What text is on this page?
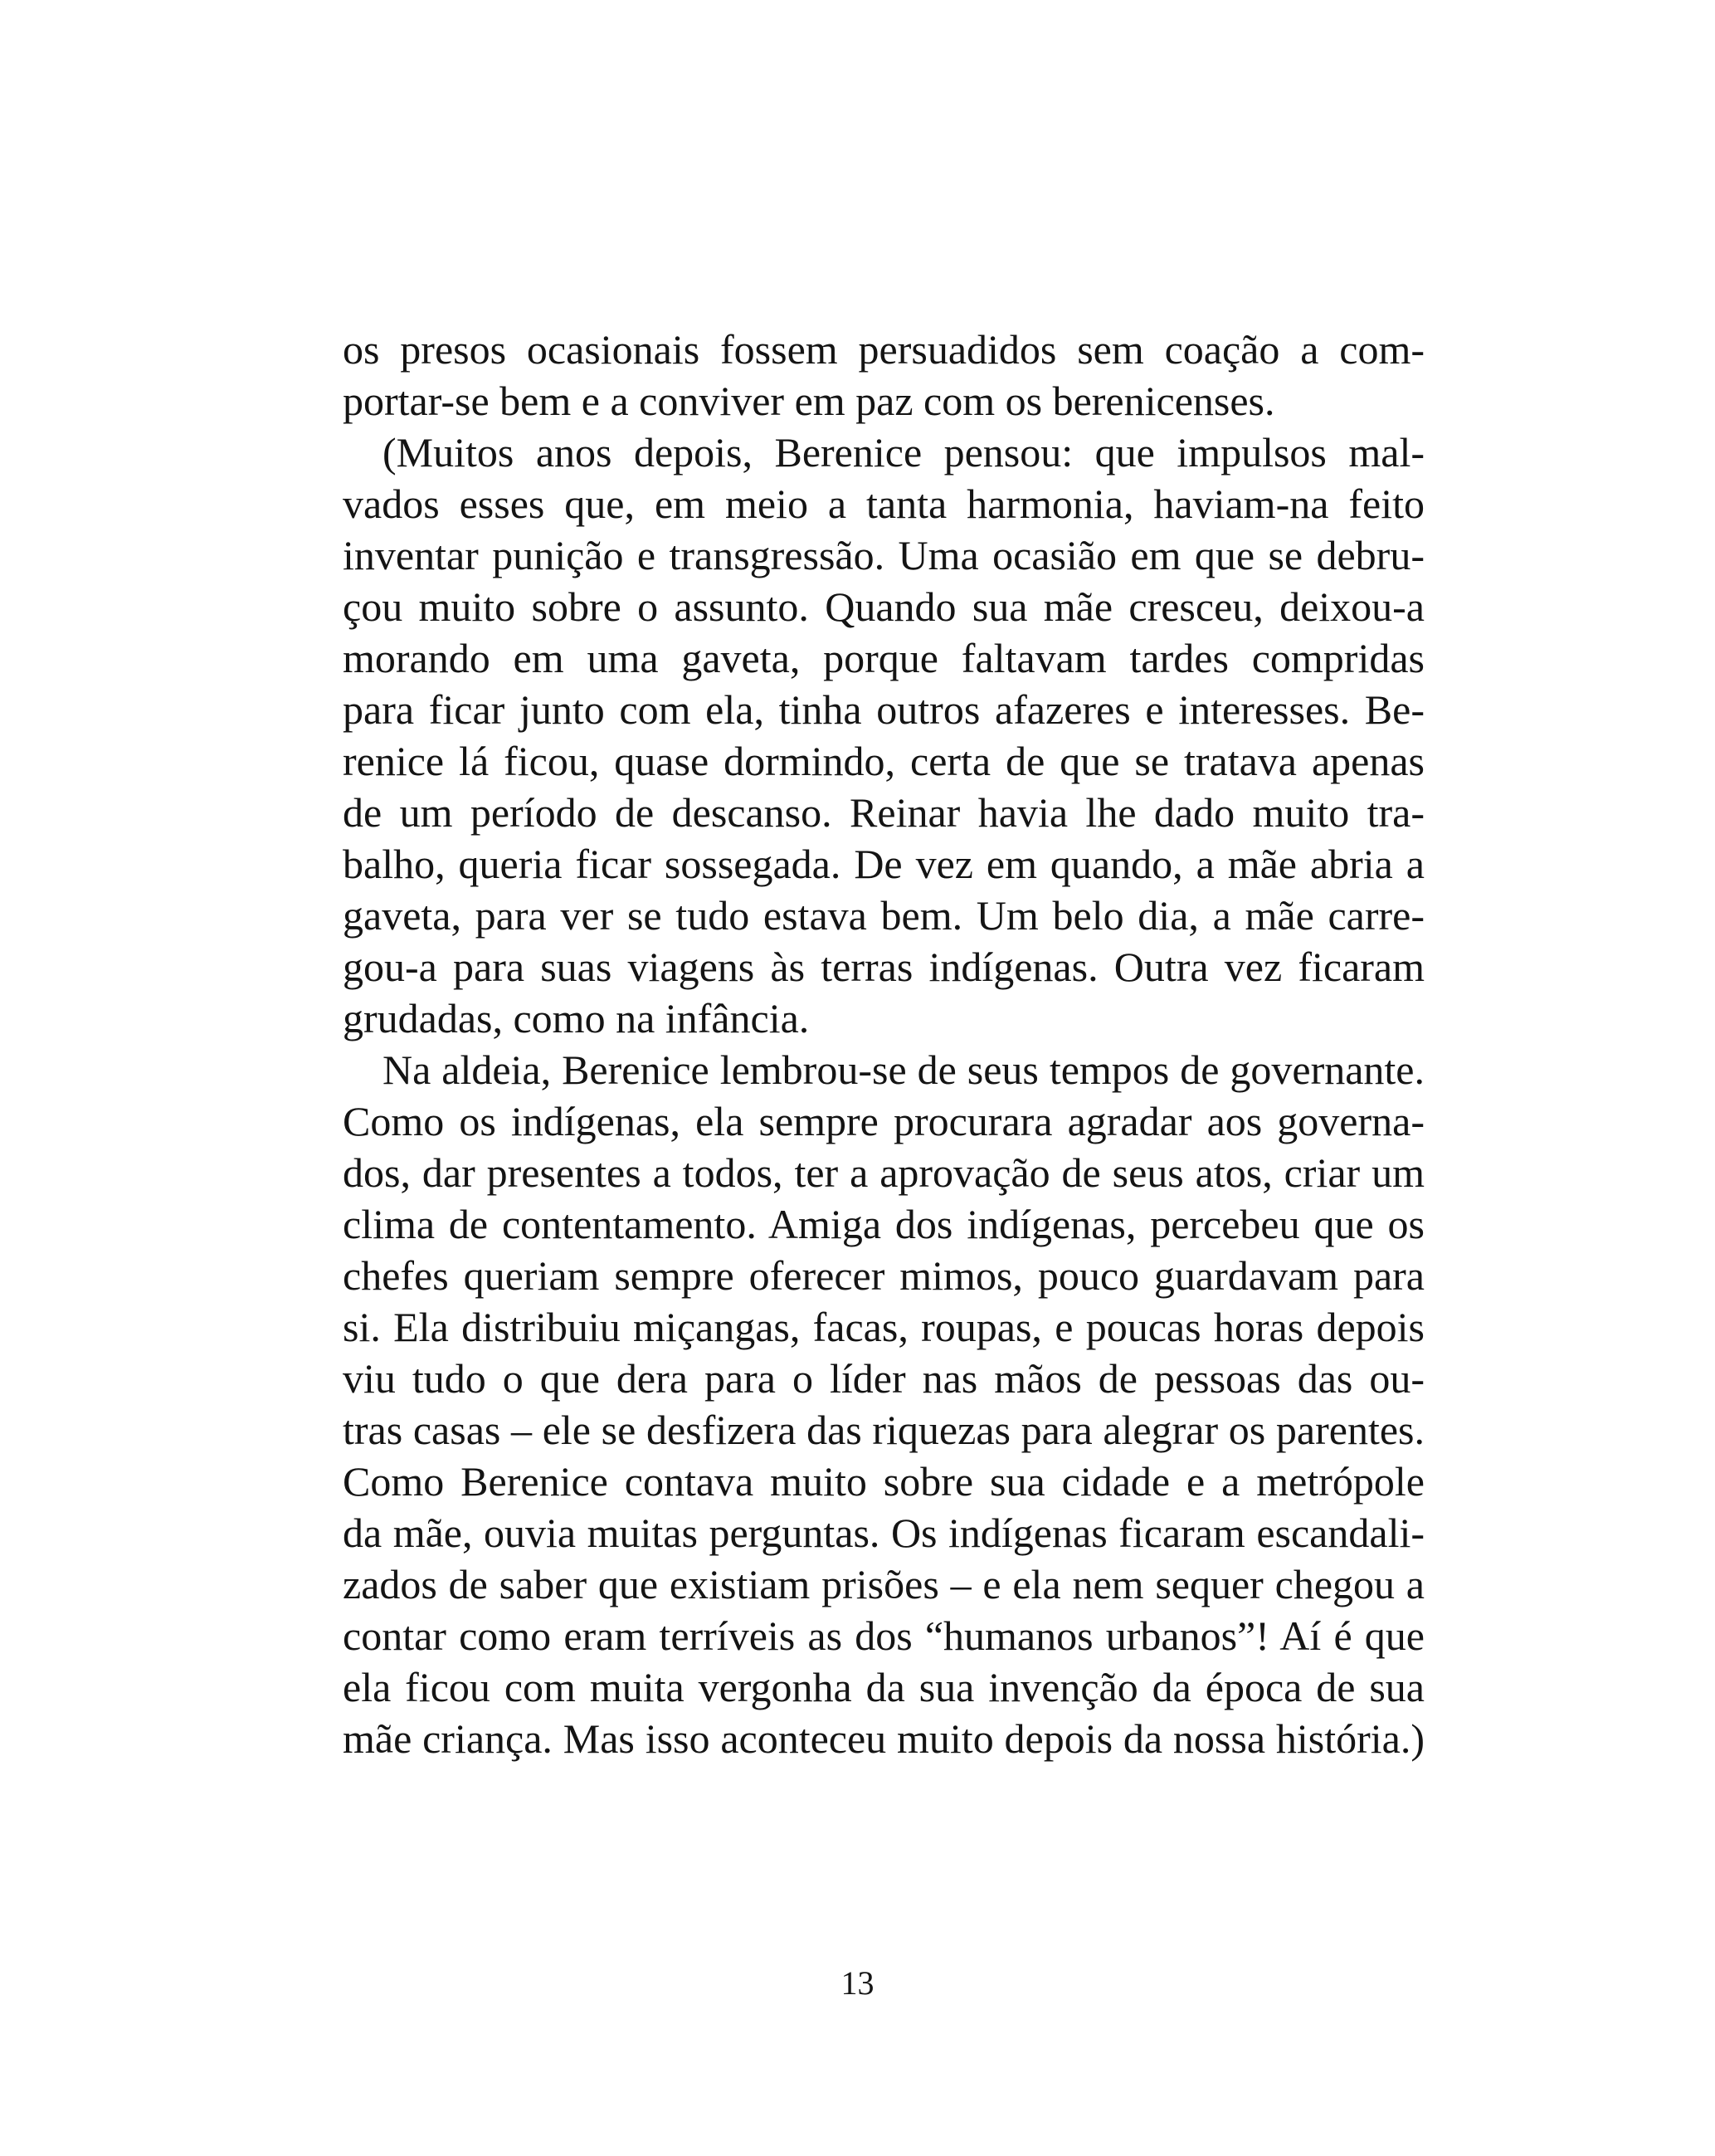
os presos ocasionais fossem persuadidos sem coação a com-
portar-se bem e a conviver em paz com os berenicenses.
(Muitos anos depois, Berenice pensou: que impulsos mal-
vados esses que, em meio a tanta harmonia, haviam-na feito
inventar punição e transgressão. Uma ocasião em que se debru-
çou muito sobre o assunto. Quando sua mãe cresceu, deixou-a
morando em uma gaveta, porque faltavam tardes compridas
para ficar junto com ela, tinha outros afazeres e interesses. Be-
renice lá ficou, quase dormindo, certa de que se tratava apenas
de um período de descanso. Reinar havia lhe dado muito tra-
balho, queria ficar sossegada. De vez em quando, a mãe abria a
gaveta, para ver se tudo estava bem. Um belo dia, a mãe carre-
gou-a para suas viagens às terras indígenas. Outra vez ficaram
grudadas, como na infância.
Na aldeia, Berenice lembrou-se de seus tempos de governante.
Como os indígenas, ela sempre procurara agradar aos governa-
dos, dar presentes a todos, ter a aprovação de seus atos, criar um
clima de contentamento. Amiga dos indígenas, percebeu que os
chefes queriam sempre oferecer mimos, pouco guardavam para
si. Ela distribuiu miçangas, facas, roupas, e poucas horas depois
viu tudo o que dera para o líder nas mãos de pessoas das ou-
tras casas – ele se desfizera das riquezas para alegrar os parentes.
Como Berenice contava muito sobre sua cidade e a metrópole
da mãe, ouvia muitas perguntas. Os indígenas ficaram escandali-
zados de saber que existiam prisões – e ela nem sequer chegou a
contar como eram terríveis as dos “humanos urbanos”! Aí é que
ela ficou com muita vergonha da sua invenção da época de sua
mãe criança. Mas isso aconteceu muito depois da nossa história.)
13
